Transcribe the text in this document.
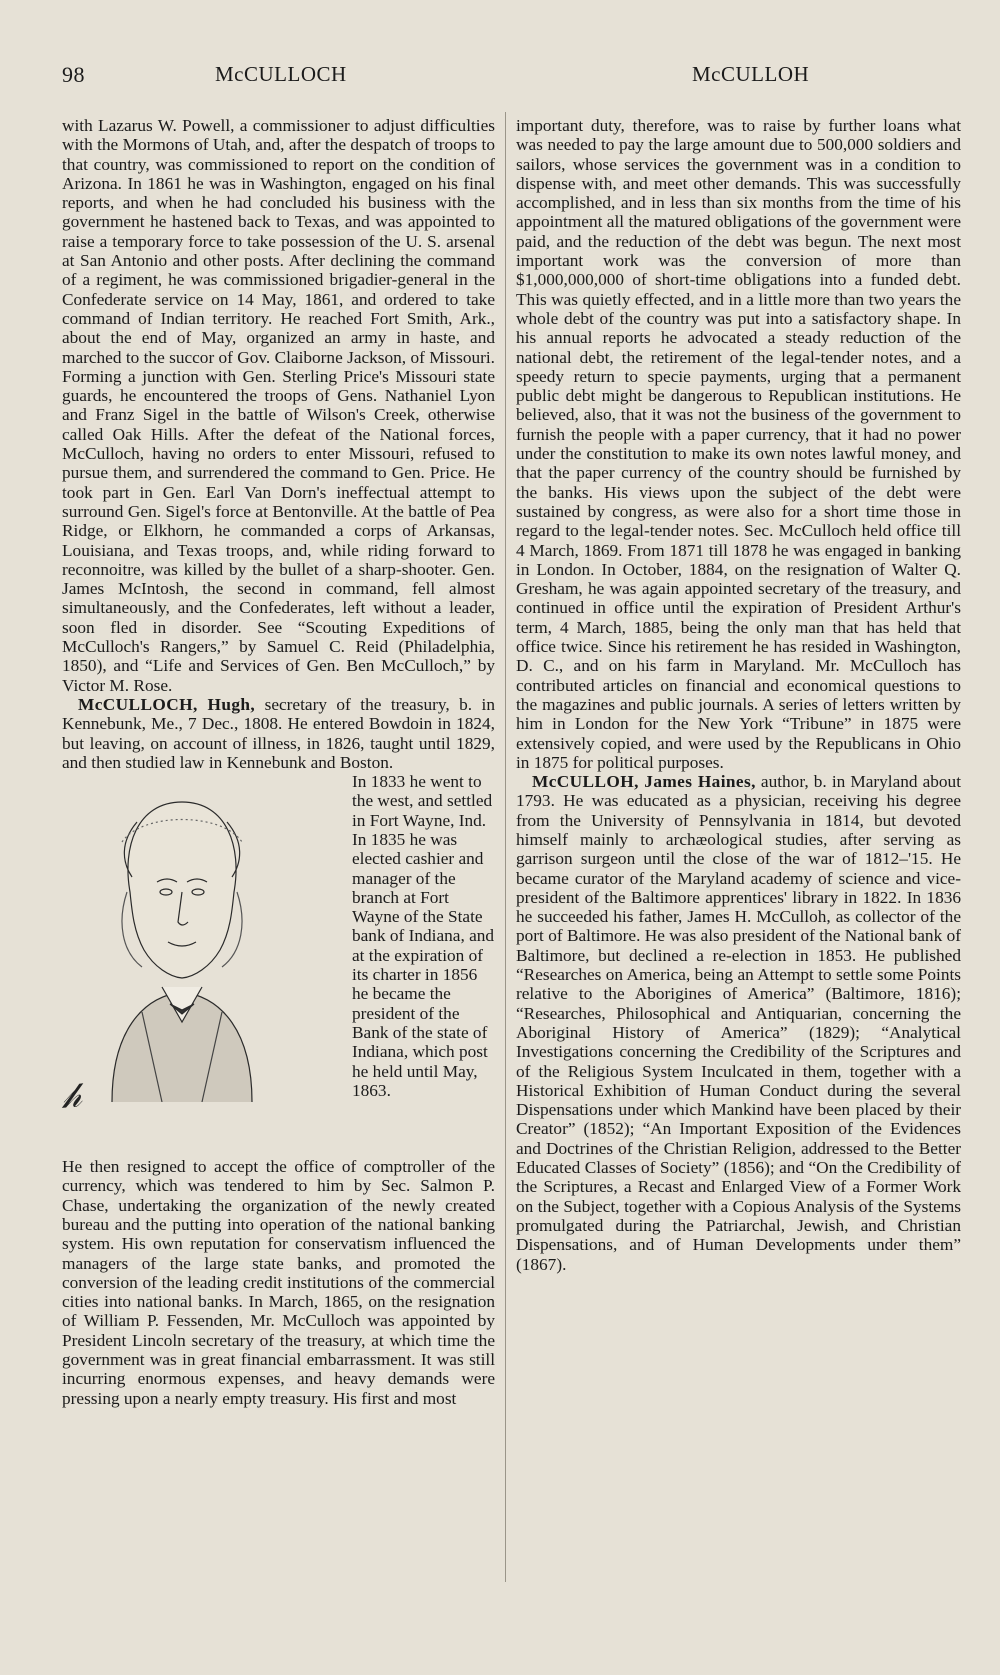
98	McCULLOCH	McCULLOH

with Lazarus W. Powell, a commissioner to adjust difficulties with the Mormons of Utah, and, after the despatch of troops to that country, was commissioned to report on the condition of Arizona. In 1861 he was in Washington, engaged on his final reports, and when he had concluded his business with the government he hastened back to Texas, and was appointed to raise a temporary force to take possession of the U. S. arsenal at San Antonio and other posts. After declining the command of a regiment, he was commissioned brigadier-general in the Confederate service on 14 May, 1861, and ordered to take command of Indian territory. He reached Fort Smith, Ark., about the end of May, organized an army in haste, and marched to the succor of Gov. Claiborne Jackson, of Missouri. Forming a junction with Gen. Sterling Price's Missouri state guards, he encountered the troops of Gens. Nathaniel Lyon and Franz Sigel in the battle of Wilson's Creek, otherwise called Oak Hills. After the defeat of the National forces, McCulloch, having no orders to enter Missouri, refused to pursue them, and surrendered the command to Gen. Price. He took part in Gen. Earl Van Dorn's ineffectual attempt to surround Gen. Sigel's force at Bentonville. At the battle of Pea Ridge, or Elkhorn, he commanded a corps of Arkansas, Louisiana, and Texas troops, and, while riding forward to reconnoitre, was killed by the bullet of a sharp-shooter. Gen. James McIntosh, the second in command, fell almost simultaneously, and the Confederates, left without a leader, soon fled in disorder. See “Scouting Expeditions of McCulloch's Rangers,” by Samuel C. Reid (Philadelphia, 1850), and “Life and Services of Gen. Ben McCulloch,” by Victor M. Rose.

McCULLOCH, Hugh, secretary of the treasury, b. in Kennebunk, Me., 7 Dec., 1808. He entered Bowdoin in 1824, but leaving, on account of illness, in 1826, taught until 1829, and then studied law in Kennebunk and Boston.

𝒽

In 1833 he went to the west, and settled in Fort Wayne, Ind. In 1835 he was elected cashier and manager of the branch at Fort Wayne of the State bank of Indiana, and at the expiration of its charter in 1856 he became the president of the Bank of the state of Indiana, which post he held until May, 1863.

He then resigned to accept the office of comptroller of the currency, which was tendered to him by Sec. Salmon P. Chase, undertaking the organization of the newly created bureau and the putting into operation of the national banking system. His own reputation for conservatism influenced the managers of the large state banks, and promoted the conversion of the leading credit institutions of the commercial cities into national banks. In March, 1865, on the resignation of William P. Fessenden, Mr. McCulloch was appointed by President Lincoln secretary of the treasury, at which time the government was in great financial embarrassment. It was still incurring enormous expenses, and heavy demands were pressing upon a nearly empty treasury. His first and most

important duty, therefore, was to raise by further loans what was needed to pay the large amount due to 500,000 soldiers and sailors, whose services the government was in a condition to dispense with, and meet other demands. This was successfully accomplished, and in less than six months from the time of his appointment all the matured obligations of the government were paid, and the reduction of the debt was begun. The next most important work was the conversion of more than $1,000,000,000 of short-time obligations into a funded debt. This was quietly effected, and in a little more than two years the whole debt of the country was put into a satisfactory shape. In his annual reports he advocated a steady reduction of the national debt, the retirement of the legal-tender notes, and a speedy return to specie payments, urging that a permanent public debt might be dangerous to Republican institutions. He believed, also, that it was not the business of the government to furnish the people with a paper currency, that it had no power under the constitution to make its own notes lawful money, and that the paper currency of the country should be furnished by the banks. His views upon the subject of the debt were sustained by congress, as were also for a short time those in regard to the legal-tender notes. Sec. McCulloch held office till 4 March, 1869. From 1871 till 1878 he was engaged in banking in London. In October, 1884, on the resignation of Walter Q. Gresham, he was again appointed secretary of the treasury, and continued in office until the expiration of President Arthur's term, 4 March, 1885, being the only man that has held that office twice. Since his retirement he has resided in Washington, D. C., and on his farm in Maryland. Mr. McCulloch has contributed articles on financial and economical questions to the magazines and public journals. A series of letters written by him in London for the New York “Tribune” in 1875 were extensively copied, and were used by the Republicans in Ohio in 1875 for political purposes.

McCULLOH, James Haines, author, b. in Maryland about 1793. He was educated as a physician, receiving his degree from the University of Pennsylvania in 1814, but devoted himself mainly to archæological studies, after serving as garrison surgeon until the close of the war of 1812–'15. He became curator of the Maryland academy of science and vice-president of the Baltimore apprentices' library in 1822. In 1836 he succeeded his father, James H. McCulloh, as collector of the port of Baltimore. He was also president of the National bank of Baltimore, but declined a re-election in 1853. He published “Researches on America, being an Attempt to settle some Points relative to the Aborigines of America” (Baltimore, 1816); “Researches, Philosophical and Antiquarian, concerning the Aboriginal History of America” (1829); “Analytical Investigations concerning the Credibility of the Scriptures and of the Religious System Inculcated in them, together with a Historical Exhibition of Human Conduct during the several Dispensations under which Mankind have been placed by their Creator” (1852); “An Important Exposition of the Evidences and Doctrines of the Christian Religion, addressed to the Better Educated Classes of Society” (1856); and “On the Credibility of the Scriptures, a Recast and Enlarged View of a Former Work on the Subject, together with a Copious Analysis of the Systems promulgated during the Patriarchal, Jewish, and Christian Dispensations, and of Human Developments under them” (1867).
